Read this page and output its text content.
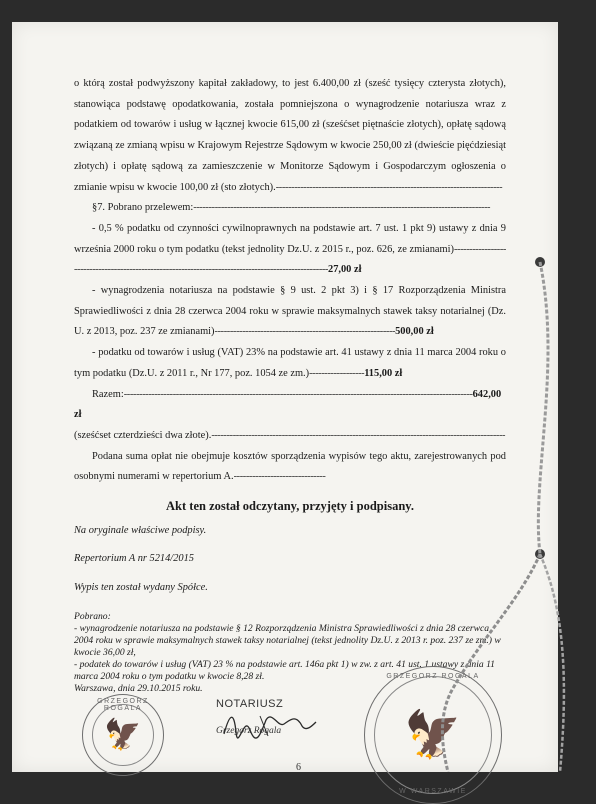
o którą został podwyższony kapitał zakładowy, to jest 6.400,00 zł (sześć tysięcy czterysta złotych), stanowiąca podstawę opodatkowania, została pomniejszona o wynagrodzenie notariusza wraz z podatkiem od towarów i usług w łącznej kwocie 615,00 zł (sześćset piętnaście złotych), opłatę sądową związaną ze zmianą wpisu w Krajowym Rejestrze Sądowym w kwocie 250,00 zł (dwieście pięćdziesiąt złotych) i opłatę sądową za zamieszczenie w Monitorze Sądowym i Gospodarczym ogłoszenia o zmianie wpisu w kwocie 100,00 zł (sto złotych).--------------------------------------------------------------------------

§7. Pobrano przelewem:-------------------------------------------------------------------------------------------------

- 0,5 % podatku od czynności cywilnoprawnych na podstawie art. 7 ust. 1 pkt 9) ustawy z dnia 9 września 2000 roku o tym podatku (tekst jednolity Dz.U. z 2015 r., poz. 626, ze zmianami)----------------------------------------------------------------------------------------------------27,00 zł

- wynagrodzenia notariusza na podstawie § 9 ust. 2 pkt 3) i § 17 Rozporządzenia Ministra Sprawiedliwości z dnia 28 czerwca 2004 roku w sprawie maksymalnych stawek taksy notarialnej (Dz. U. z 2013, poz. 237 ze zmianami)-----------------------------------------------------------500,00 zł

- podatku od towarów i usług (VAT) 23% na podstawie art. 41 ustawy z dnia 11 marca 2004 roku o tym podatku (Dz.U. z 2011 r., Nr 177, poz. 1054 ze zm.)------------------115,00 zł

Razem:------------------------------------------------------------------------------------------------------------------642,00 zł

(sześćset czterdzieści dwa złote).------------------------------------------------------------------------------------------------

Podana suma opłat nie obejmuje kosztów sporządzenia wypisów tego aktu, zarejestrowanych pod osobnymi numerami w repertorium A.------------------------------

Akt ten został odczytany, przyjęty i podpisany.

Na oryginale właściwe podpisy.

Repertorium A nr 5214/2015

Wypis ten został wydany Spółce.

Pobrano:

- wynagrodzenie notariusza na podstawie § 12 Rozporządzenia Ministra Sprawiedliwości z dnia 28 czerwca 2004 roku w sprawie maksymalnych stawek taksy notarialnej (tekst jednolity Dz.U. z 2013 r. poz. 237 ze zm.) w kwocie 36,00 zł,

- podatek do towarów i usług (VAT) 23 % na podstawie art. 146a pkt 1) w zw. z art. 41 ust. 1 ustawy z dnia 11 marca 2004 roku o tym podatku w kwocie 8,28 zł.

Warszawa, dnia 29.10.2015 roku.

GRZEGORZ ROGALA
🦅
NOTARIUSZ
Grzegorz Rogala
GRZEGORZ ROGALA
🦅
W WARSZAWIE
6
